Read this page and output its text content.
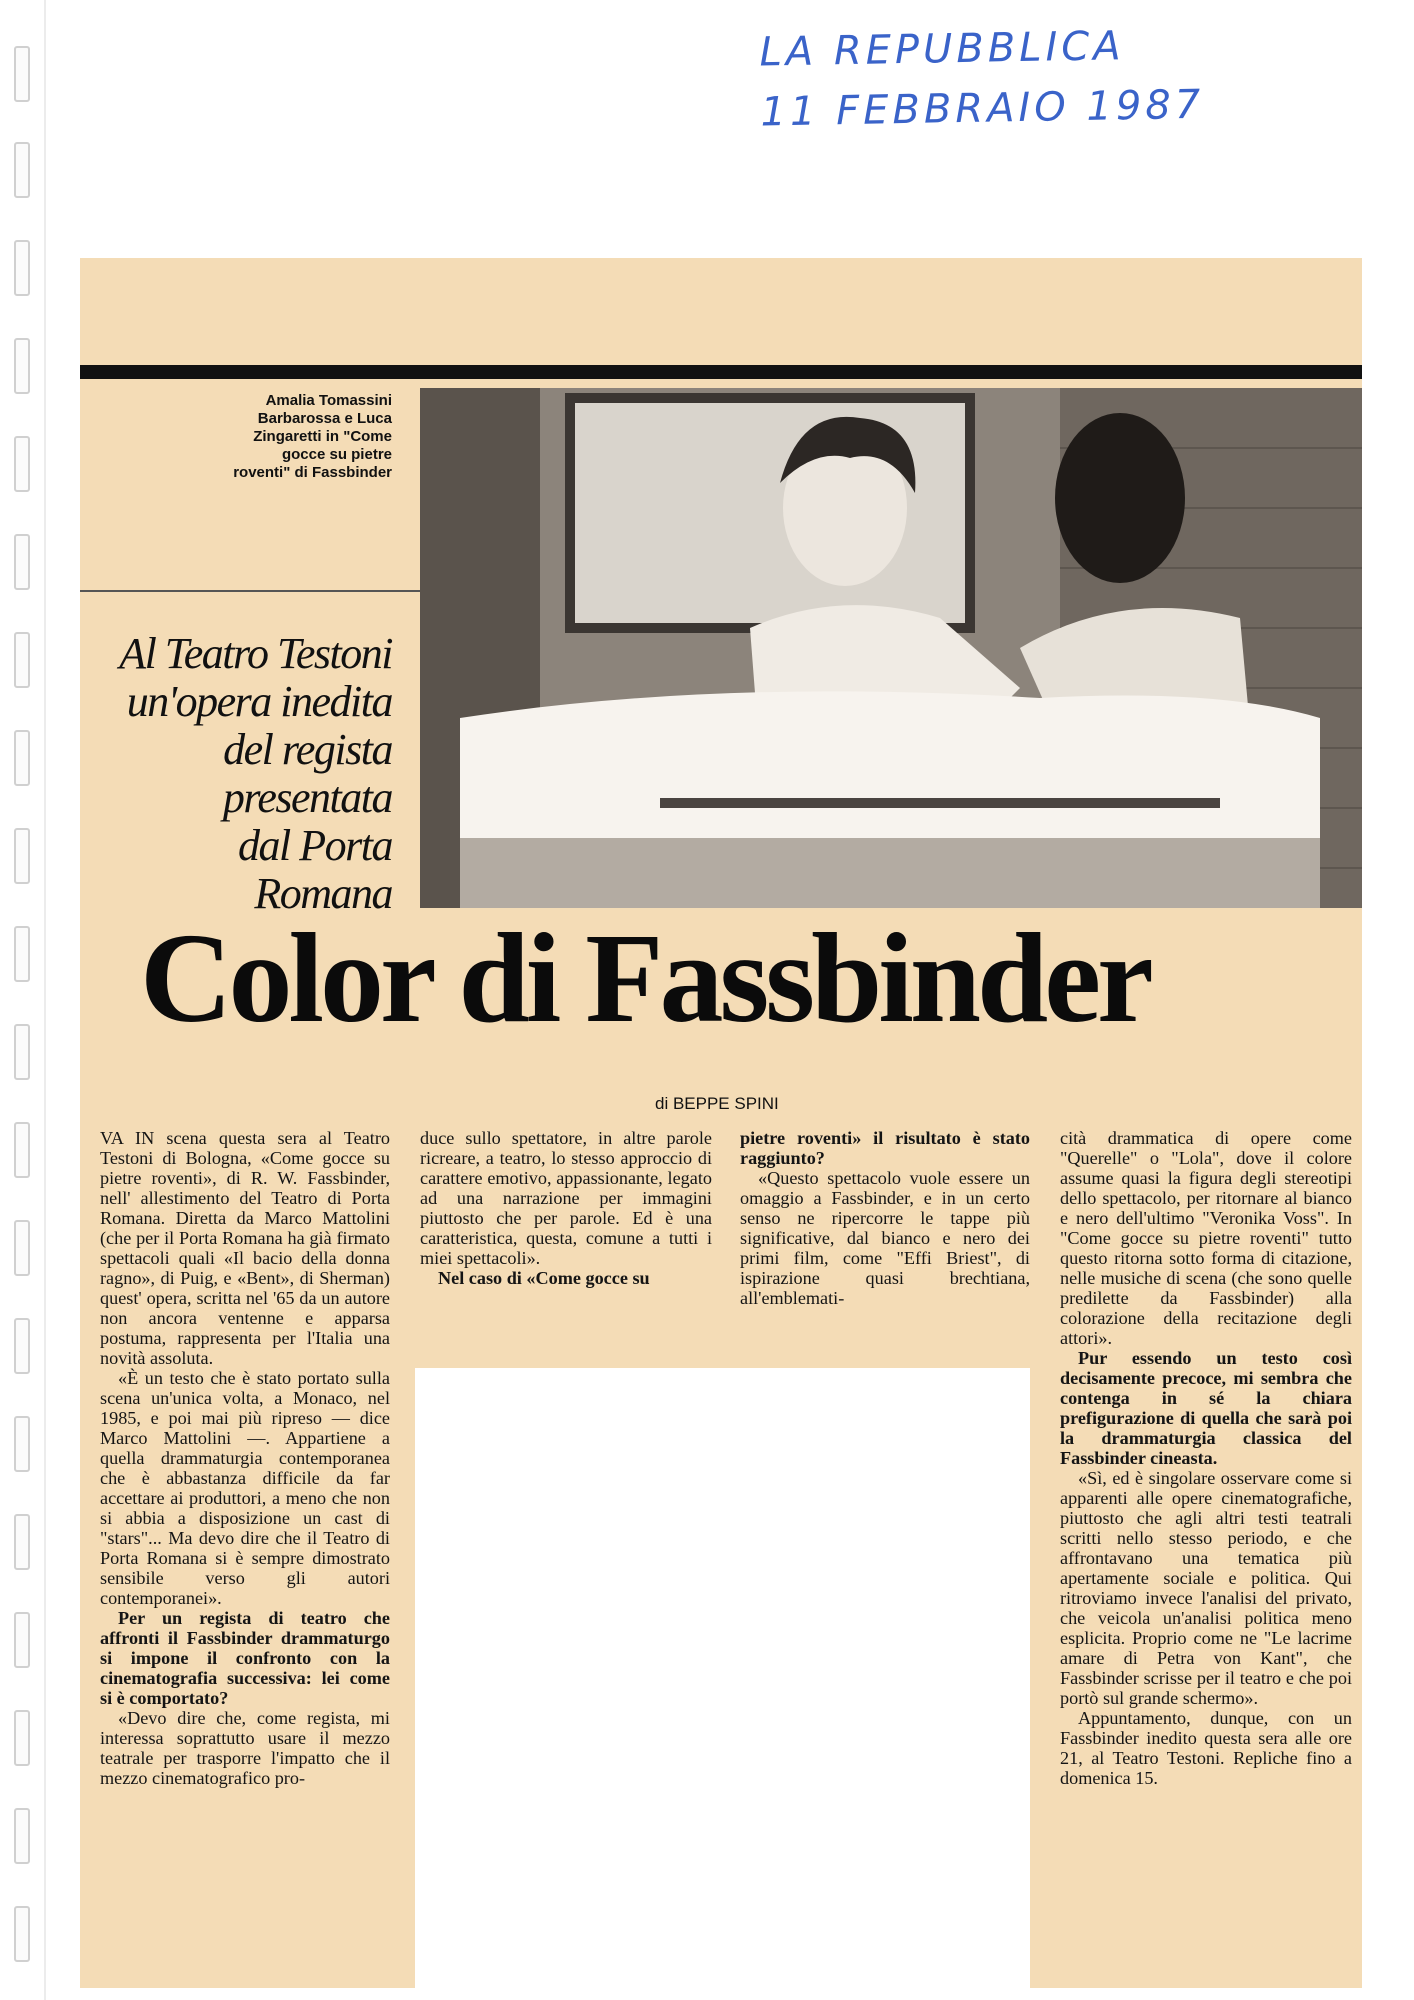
LA REPUBBLICA
11 FEBBRAIO 1987
Amalia Tomassini
Barbarossa e Luca
Zingaretti in "Come
gocce su pietre
roventi" di Fassbinder
Al Teatro Testoni
un'opera inedita
del regista
presentata
dal Porta Romana
Color di Fassbinder
di BEPPE SPINI

VA IN scena questa sera al Teatro Testoni di Bologna, «Come gocce su pietre roventi», di R. W. Fassbinder, nell' allestimento del Teatro di Porta Romana. Diretta da Marco Mattolini (che per il Porta Romana ha già firmato spettacoli quali «Il bacio della donna ragno», di Puig, e «Bent», di Sherman) quest' opera, scritta nel '65 da un autore non ancora ventenne e apparsa postuma, rappresenta per l'Italia una novità assoluta.

«È un testo che è stato portato sulla scena un'unica volta, a Monaco, nel 1985, e poi mai più ripreso — dice Marco Mattolini —. Appartiene a quella drammaturgia contemporanea che è abbastanza difficile da far accettare ai produttori, a meno che non si abbia a disposizione un cast di "stars"... Ma devo dire che il Teatro di Porta Romana si è sempre dimostrato sensibile verso gli autori contemporanei».

Per un regista di teatro che affronti il Fassbinder drammaturgo si impone il confronto con la cinematografia successiva: lei come si è comportato?

«Devo dire che, come regista, mi interessa soprattutto usare il mezzo teatrale per trasporre l'impatto che il mezzo cinematografico pro-

duce sullo spettatore, in altre parole ricreare, a teatro, lo stesso approccio di carattere emotivo, appassionante, legato ad una narrazione per immagini piuttosto che per parole. Ed è una caratteristica, questa, comune a tutti i miei spettacoli».

Nel caso di «Come gocce su

pietre roventi» il risultato è stato raggiunto?

«Questo spettacolo vuole essere un omaggio a Fassbinder, e in un certo senso ne ripercorre le tappe più significative, dal bianco e nero dei primi film, come "Effi Briest", di ispirazione quasi brechtiana, all'emblemati-

cità drammatica di opere come "Querelle" o "Lola", dove il colore assume quasi la figura degli stereotipi dello spettacolo, per ritornare al bianco e nero dell'ultimo "Veronika Voss". In "Come gocce su pietre roventi" tutto questo ritorna sotto forma di citazione, nelle musiche di scena (che sono quelle predilette da Fassbinder) alla colorazione della recitazione degli attori».

Pur essendo un testo così decisamente precoce, mi sembra che contenga in sé la chiara prefigurazione di quella che sarà poi la drammaturgia classica del Fassbinder cineasta.

«Sì, ed è singolare osservare come si apparenti alle opere cinematografiche, piuttosto che agli altri testi teatrali scritti nello stesso periodo, e che affrontavano una tematica più apertamente sociale e politica. Qui ritroviamo invece l'analisi del privato, che veicola un'analisi politica meno esplicita. Proprio come ne "Le lacrime amare di Petra von Kant", che Fassbinder scrisse per il teatro e che poi portò sul grande schermo».

Appuntamento, dunque, con un Fassbinder inedito questa sera alle ore 21, al Teatro Testoni. Repliche fino a domenica 15.
